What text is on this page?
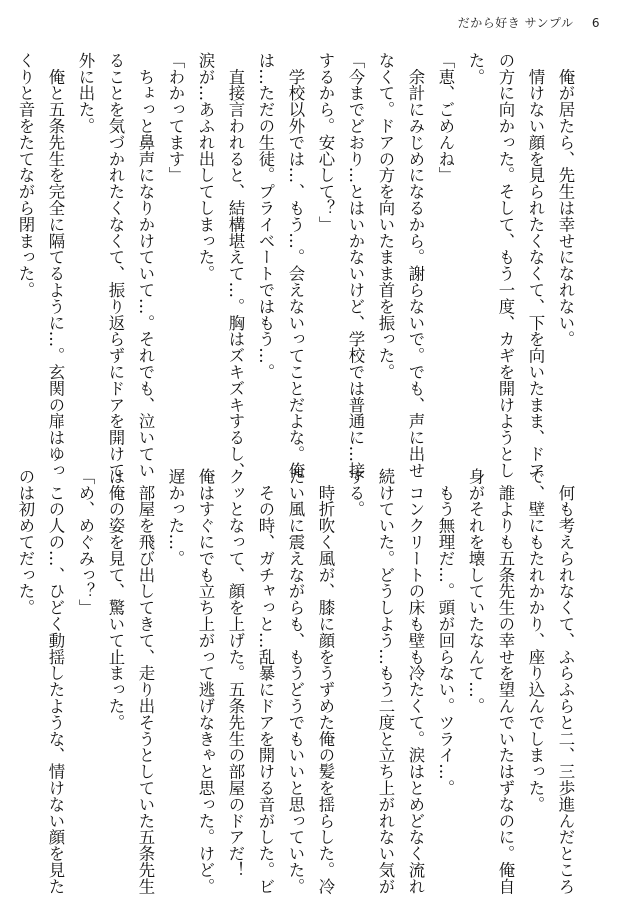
だから好き サンプル 6

　俺が居たら、先生は幸せになれない。

　情けない顔を見られたくなくて、下を向いたまま、ドア

の方に向かった。そして、もう一度、カギを開けようとし

た。

「恵、ごめんね」

　余計にみじめになるから。謝らないで。でも、声に出せ

なくて。ドアの方を向いたまま首を振った。

「今までどおり…とはいかないけど、学校では普通に…接

するから。安心して？」

　学校以外では…、もう…。会えないってことだよな。俺

は…ただの生徒。プライベートではもう…。

　直接言われると、結構堪えて…。胸はズキズキするし、

涙が…あふれ出してしまった。

「わかってます」

　ちょっと鼻声になりかけていて…。それでも、泣いてい

ることを気づかれたくなくて、振り返らずにドアを開けて

外に出た。

　俺と五条先生を完全に隔てるように…。玄関の扉はゆっ

くりと音をたてながら閉まった。

　何も考えられなくて、ふらふらと二、三歩進んだところ

で、壁にもたれかかり、座り込んでしまった。

　誰よりも五条先生の幸せを望んでいたはずなのに。俺自

身がそれを壊していたなんて…。

　もう無理だ…。頭が回らない。ツライ…。

　コンクリートの床も壁も冷たくて。涙はとめどなく流れ

続けていた。どうしよう…もう二度と立ち上がれない気が

する。

　時折吹く風が、膝に顔をうずめた俺の髪を揺らした。冷

たい風に震えながらも、もうどうでもいいと思っていた。

　その時、ガチャっと…乱暴にドアを開ける音がした。ビ

クッとなって、顔を上げた。五条先生の部屋のドアだ！

俺はすぐにでも立ち上がって逃げなきゃと思った。けど。

遅かった…。

　部屋を飛び出してきて、走り出そうとしていた五条先生

は俺の姿を見て、驚いて止まった。

「め、めぐみっ？」

　この人の…、ひどく動揺したような、情けない顔を見た

のは初めてだった。
